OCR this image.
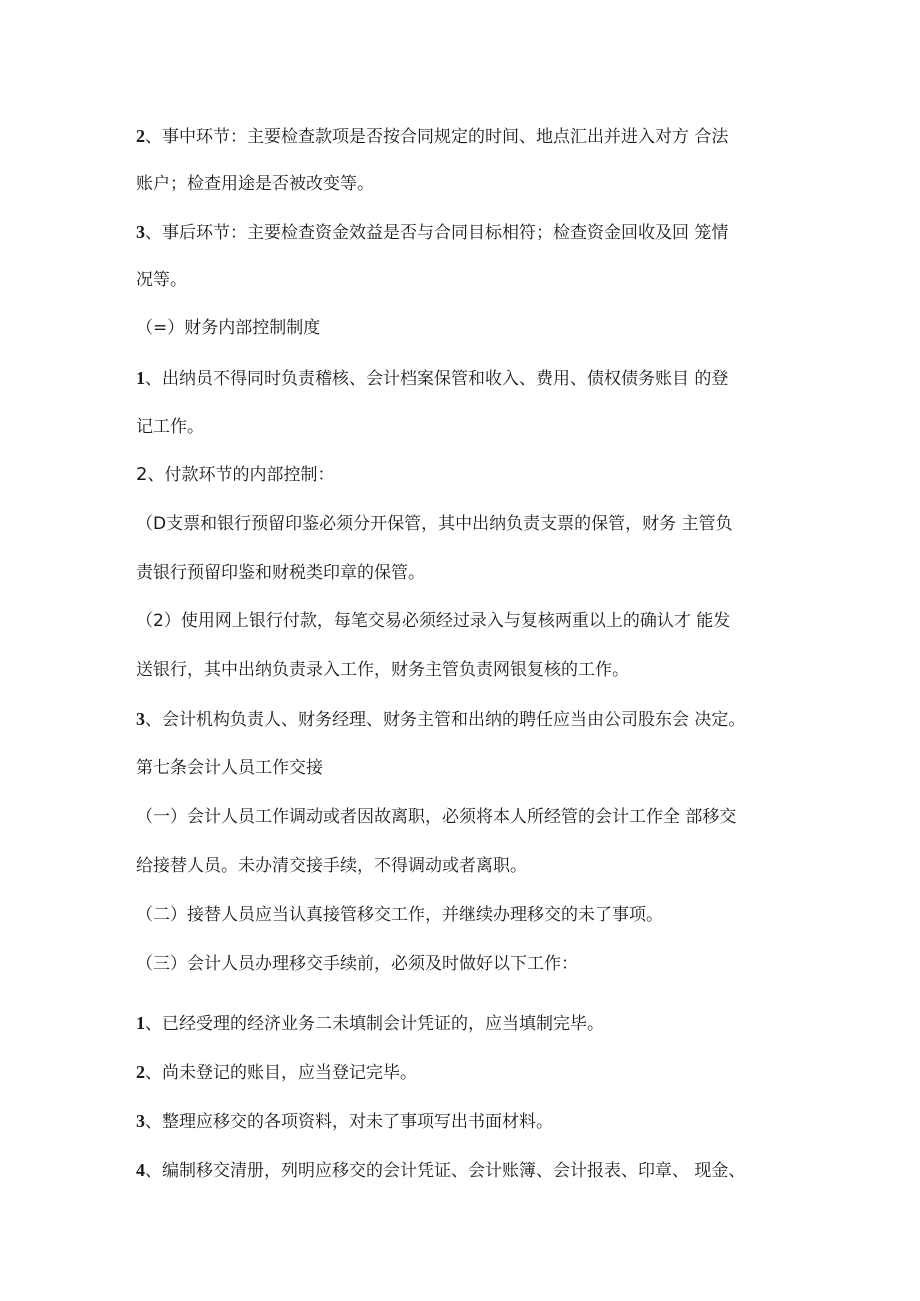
2、事中环节：主要检查款项是否按合同规定的时间、地点汇出并进入对方 合法
账户；检查用途是否被改变等。
3、事后环节：主要检查资金效益是否与合同目标相符；检查资金回收及回 笼情
况等。
（=）财务内部控制制度
1、出纳员不得同时负责稽核、会计档案保管和收入、费用、债权债务账目 的登
记工作。
2、付款环节的内部控制：
（D支票和银行预留印鉴必须分开保管，其中出纳负责支票的保管，财务 主管负
责银行预留印鉴和财税类印章的保管。
（2）使用网上银行付款，每笔交易必须经过录入与复核两重以上的确认才 能发
送银行，其中出纳负责录入工作，财务主管负责网银复核的工作。
3、会计机构负责人、财务经理、财务主管和出纳的聘任应当由公司股东会 决定。
第七条会计人员工作交接
（一）会计人员工作调动或者因故离职，必须将本人所经管的会计工作全 部移交
给接替人员。未办清交接手续，不得调动或者离职。
（二）接替人员应当认真接管移交工作，并继续办理移交的未了事项。
（三）会计人员办理移交手续前，必须及时做好以下工作：
1、已经受理的经济业务二未填制会计凭证的，应当填制完毕。
2、尚未登记的账目，应当登记完毕。
3、整理应移交的各项资料，对未了事项写出书面材料。
4、编制移交清册，列明应移交的会计凭证、会计账簿、会计报表、印章、 现金、
